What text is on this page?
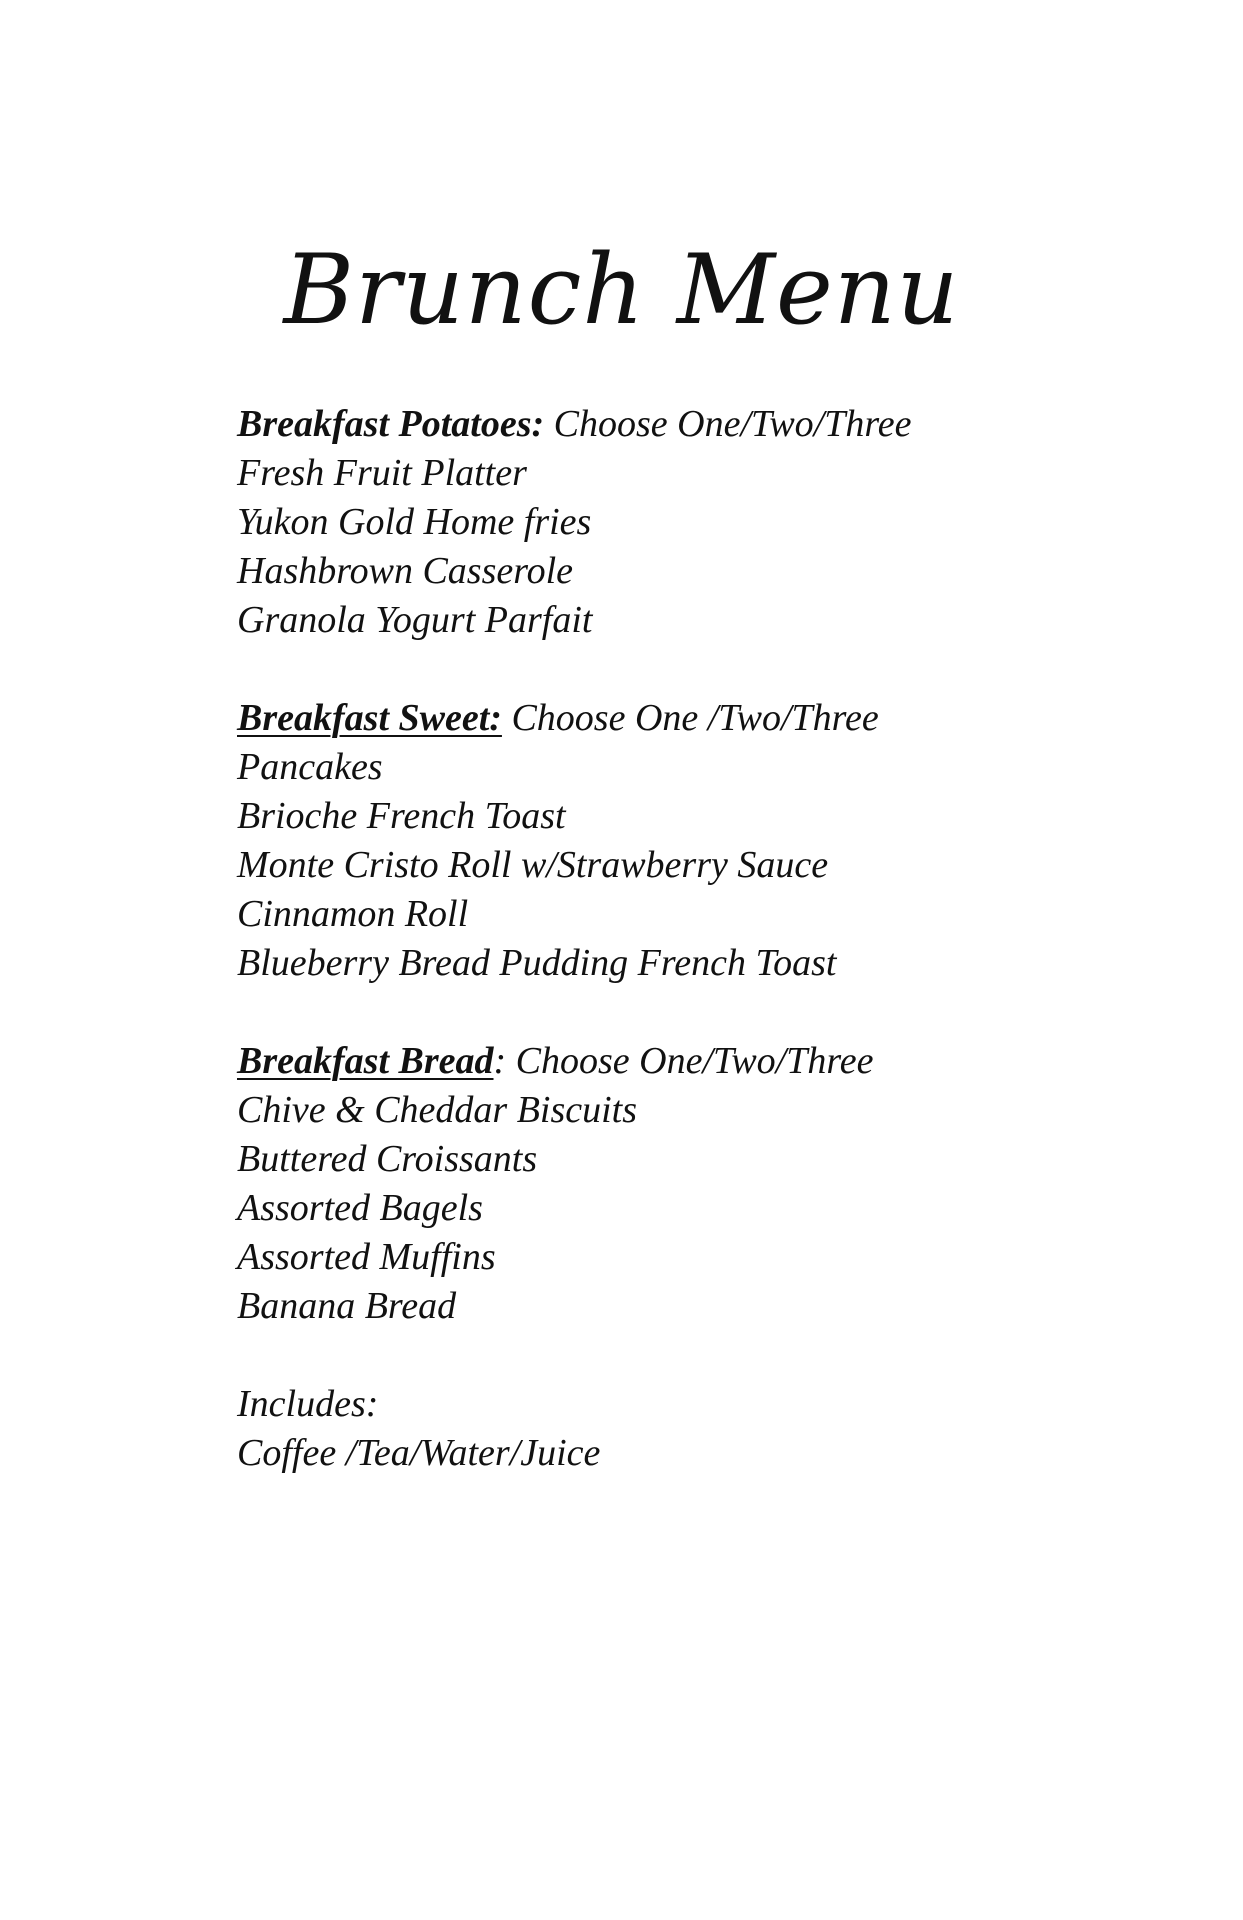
Brunch Menu
Breakfast Potatoes: Choose One/Two/Three
Fresh Fruit Platter
Yukon Gold Home fries
Hashbrown Casserole
Granola Yogurt Parfait
Breakfast Sweet: Choose One /Two/Three
Pancakes
Brioche French Toast
Monte Cristo Roll w/Strawberry Sauce
Cinnamon Roll
Blueberry Bread Pudding French Toast
Breakfast Bread: Choose One/Two/Three
Chive & Cheddar Biscuits
Buttered Croissants
Assorted Bagels
Assorted Muffins
Banana Bread
Includes:
Coffee /Tea/Water/Juice
